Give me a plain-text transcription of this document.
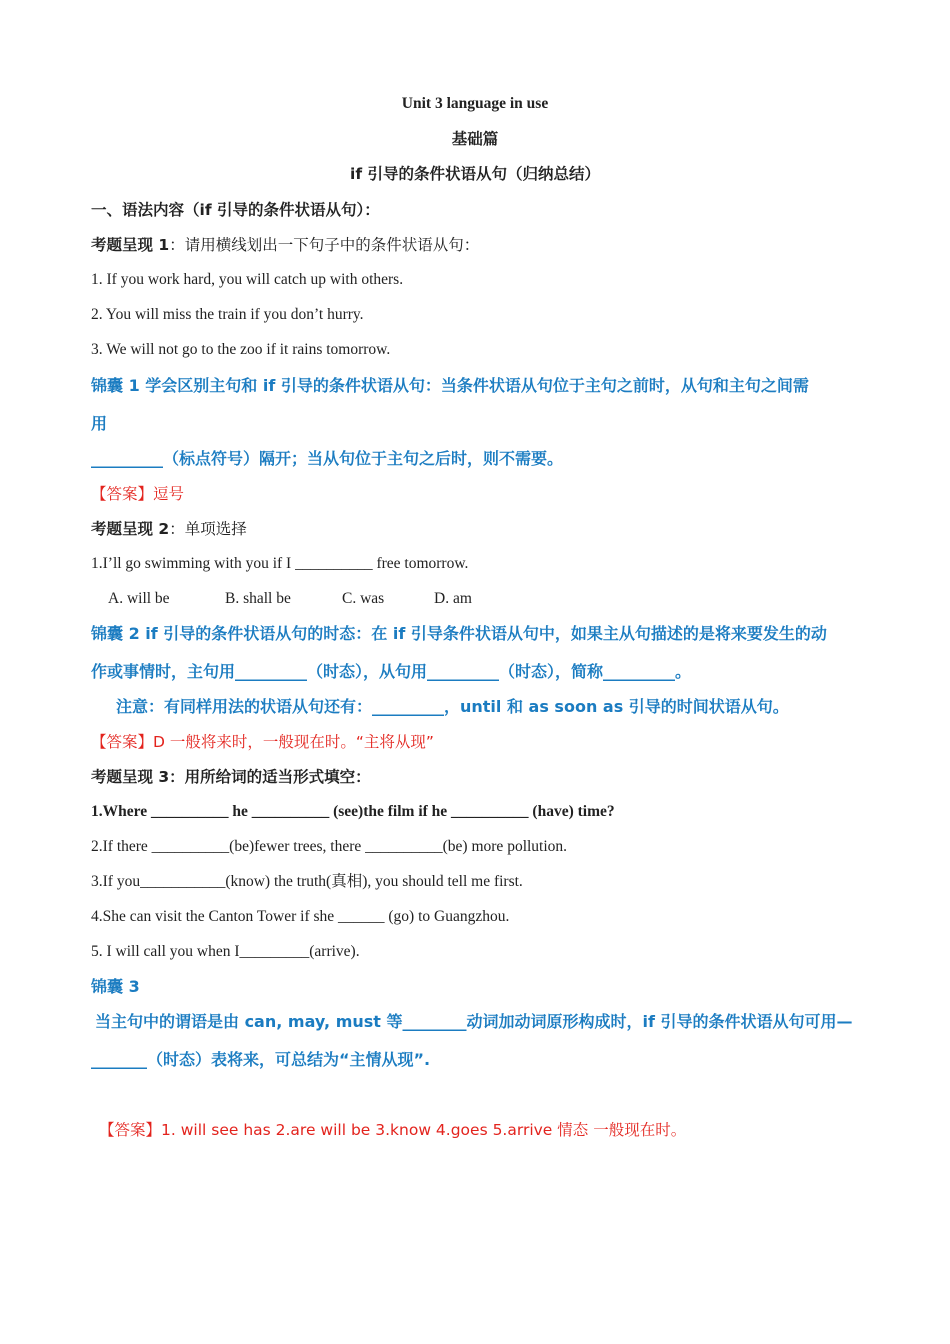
Unit 3 language in use
基础篇
if 引导的条件状语从句（归纳总结）
一、语法内容（if 引导的条件状语从句）：
考题呈现 1：请用横线划出一下句子中的条件状语从句：
1. If you work hard, you will catch up with others.
2. You will miss the train if you don’t hurry.
3. We will not go to the zoo if it rains tomorrow.
锦囊 1 学会区别主句和 if 引导的条件状语从句：当条件状语从句位于主句之前时，从句和主句之间需
用
_________（标点符号）隔开；当从句位于主句之后时，则不需要。
【答案】逗号
考题呈现 2：单项选择
1.I’ll go swimming with you if I __________ free tomorrow.
A. will be	B. shall be	C. was	D. am
锦囊 2 if 引导的条件状语从句的时态：在 if 引导条件状语从句中，如果主从句描述的是将来要发生的动
作或事情时，主句用_________（时态），从句用_________（时态），简称_________。
注意：有同样用法的状语从句还有：_________，until 和 as soon as 引导的时间状语从句。
【答案】D 一般将来时，一般现在时。“主将从现”
考题呈现 3：用所给词的适当形式填空：
1.Where __________ he __________ (see)the film if he __________ (have) time?
2.If there __________(be)fewer trees, there __________(be) more pollution.
3.If you___________(know) the truth(真相), you should tell me first.
4.She can visit the Canton Tower if she ______ (go) to Guangzhou.
5. I will call you when I_________(arrive).
锦囊 3
当主句中的谓语是由 can, may, must 等________动词加动词原形构成时，if 引导的条件状语从句可用—
_______（时态）表将来，可总结为“主情从现”.
【答案】1. will see has 2.are will be 3.know 4.goes 5.arrive 情态 一般现在时。
